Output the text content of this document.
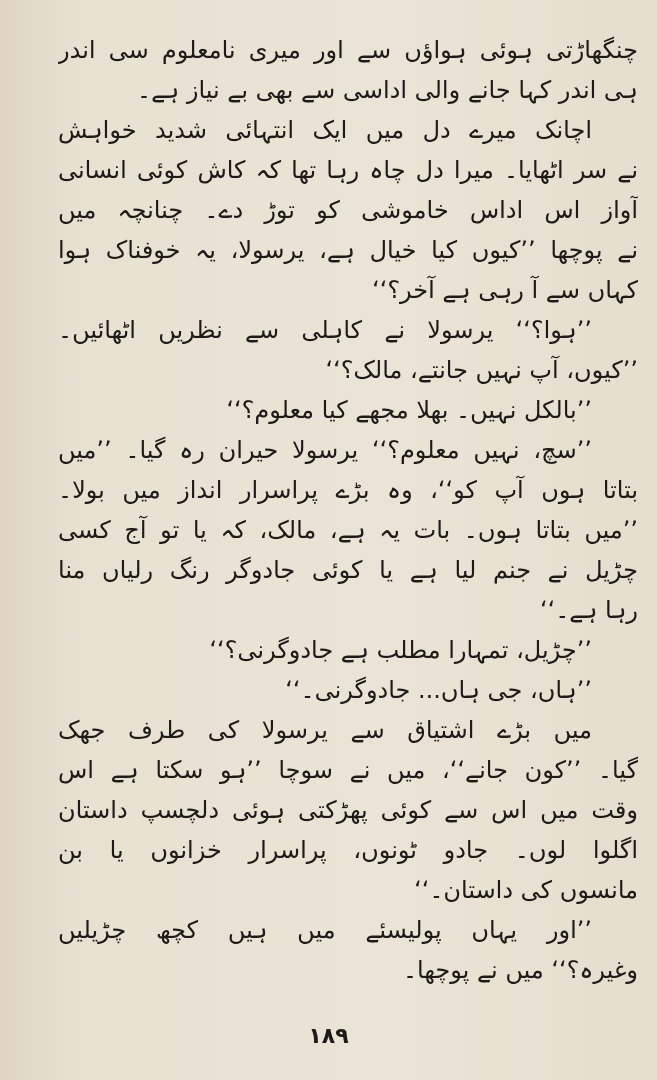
چنگھاڑتی ہوئی ہواؤں سے اور میری نامعلوم سی اندر
ہی اندر کہا جانے والی اداسی سے بھی بے نیاز ہے۔
اچانک میرے دل میں ایک انتہائی شدید خواہش
نے سر اٹھایا۔ میرا دل چاہ رہا تھا کہ کاش کوئی انسانی
آواز اس اداس خاموشی کو توڑ دے۔ چنانچہ میں
نے پوچھا ’’کیوں کیا خیال ہے، یرسولا، یہ خوفناک ہوا
کہاں سے آ رہی ہے آخر؟‘‘
’’ہوا؟‘‘ یرسولا نے کاہلی سے نظریں اٹھائیں۔
’’کیوں، آپ نہیں جانتے، مالک؟‘‘
’’بالکل نہیں۔ بھلا مجھے کیا معلوم؟‘‘
’’سچ، نہیں معلوم؟‘‘ یرسولا حیران رہ گیا۔ ’’میں
بتاتا ہوں آپ کو‘‘، وہ بڑے پراسرار انداز میں بولا۔
’’میں بتاتا ہوں۔ بات یہ ہے، مالک، کہ یا تو آج کسی
چڑیل نے جنم لیا ہے یا کوئی جادوگر رنگ رلیاں منا
رہا ہے۔‘‘
’’چڑیل، تمہارا مطلب ہے جادوگرنی؟‘‘
’’ہاں، جی ہاں... جادوگرنی۔‘‘
میں بڑے اشتیاق سے یرسولا کی طرف جھک
گیا۔ ’’کون جانے‘‘، میں نے سوچا ’’ہو سکتا ہے اس
وقت میں اس سے کوئی پھڑکتی ہوئی دلچسپ داستان
اگلوا لوں۔ جادو ٹونوں، پراسرار خزانوں یا بن
مانسوں کی داستان۔‘‘
’’اور یہاں پولیسئے میں ہیں کچھ چڑیلیں
وغیرہ؟‘‘ میں نے پوچھا۔
١٨٩
